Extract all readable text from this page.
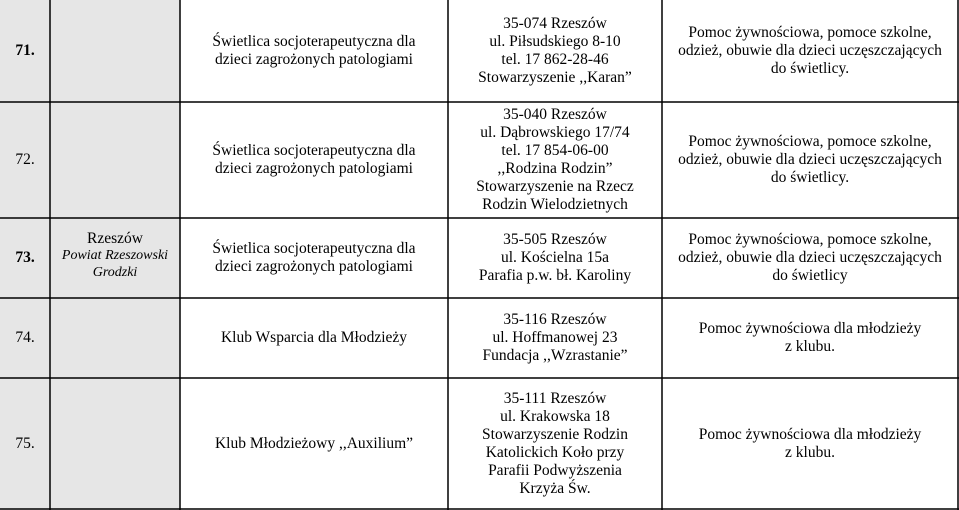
71.
Świetlica socjoterapeutyczna dla
dzieci zagrożonych patologiami
35-074 Rzeszów
ul. Piłsudskiego 8-10
tel. 17 862-28-46
Stowarzyszenie ,,Karan”
Pomoc żywnościowa, pomoce szkolne,
odzież, obuwie dla dzieci uczęszczających
do świetlicy.
72.
Świetlica socjoterapeutyczna dla
dzieci zagrożonych patologiami
35-040 Rzeszów
ul. Dąbrowskiego 17/74
tel. 17 854-06-00
,,Rodzina Rodzin”
Stowarzyszenie na Rzecz
Rodzin Wielodzietnych
Pomoc żywnościowa, pomoce szkolne,
odzież, obuwie dla dzieci uczęszczających
do świetlicy.
73.
Rzeszów
Powiat Rzeszowski
Grodzki
Świetlica socjoterapeutyczna dla
dzieci zagrożonych patologiami
35-505 Rzeszów
ul. Kościelna 15a
Parafia p.w. bł. Karoliny
Pomoc żywnościowa, pomoce szkolne,
odzież, obuwie dla dzieci uczęszczających
do świetlicy
74.	Klub Wsparcia dla Młodzieży
35-116 Rzeszów
ul. Hoffmanowej 23
Fundacja ,,Wzrastanie”
Pomoc żywnościowa dla młodzieży
z klubu.
75.	Klub Młodzieżowy ,,Auxilium”
35-111 Rzeszów
ul. Krakowska 18
Stowarzyszenie Rodzin
Katolickich Koło przy
Parafii Podwyższenia
Krzyża Św.
Pomoc żywnościowa dla młodzieży
z klubu.
